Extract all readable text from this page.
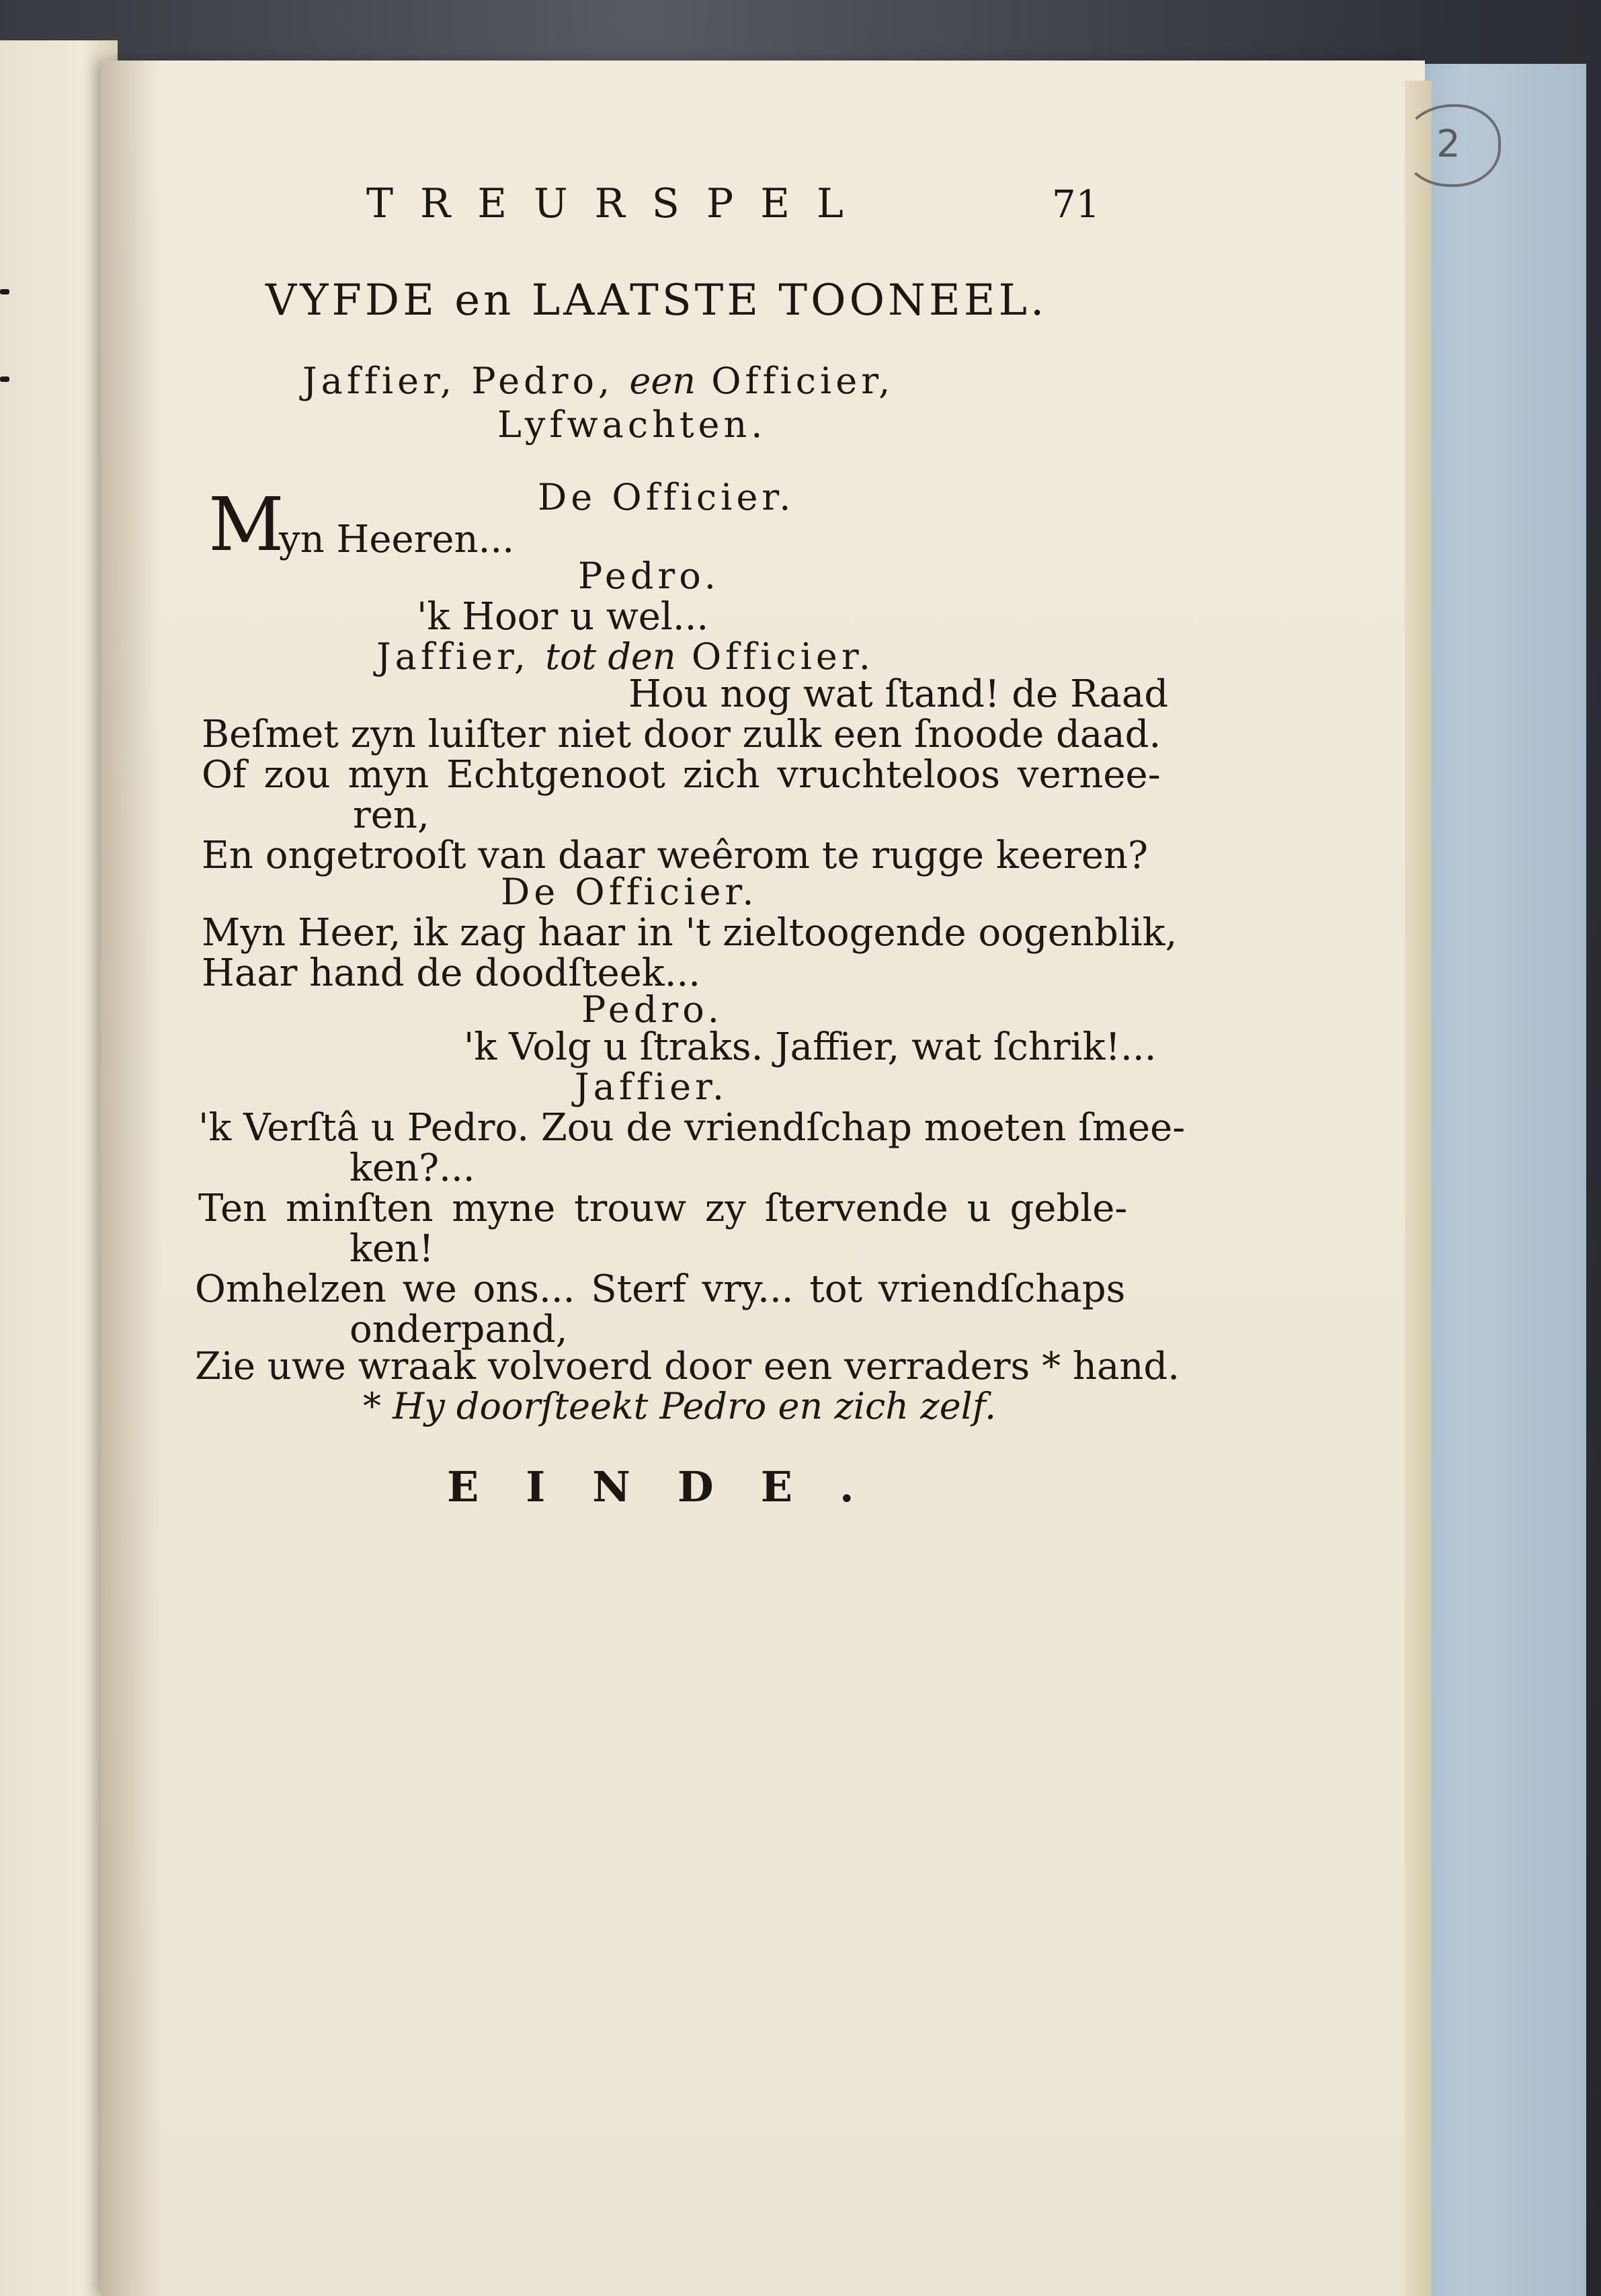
2
TREURSPEL	71
VYFDE en LAATSTE TOONEEL.
Jaffier, Pedro, een Officier,
Lyfwachten.
De Officier.
M
yn Heeren...
Pedro.
'k Hoor u wel...
Jaffier, tot den Officier.
Hou nog wat ſtand! de Raad
Beſmet zyn luiſter niet door zulk een ſnoode daad.
Of zou myn Echtgenoot zich vruchteloos vernee-
ren,
En ongetrooſt van daar weêrom te rugge keeren?
De Officier.
Myn Heer, ik zag haar in 't zieltoogende oogenblik,
Haar hand de doodſteek...
Pedro.
'k Volg u ſtraks. Jaffier, wat ſchrik!...
Jaffier.
'k Verſtâ u Pedro. Zou de vriendſchap moeten ſmee-
ken?...
Ten minſten myne trouw zy ſtervende u geble-
ken!
Omhelzen we ons... Sterf vry... tot vriendſchaps
onderpand,
Zie uwe wraak volvoerd door een verraders * hand.
* Hy doorſteekt Pedro en zich zelf.
EINDE.
